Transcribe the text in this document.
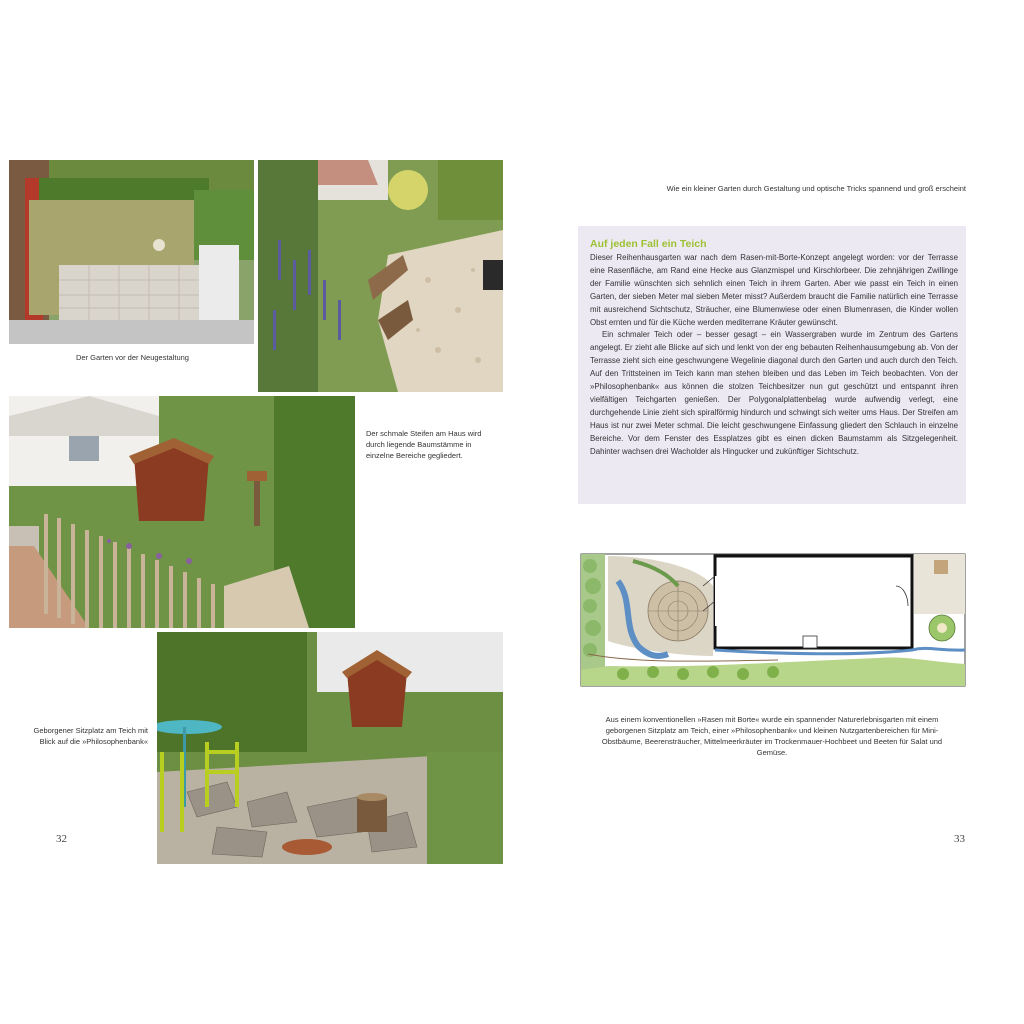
Der Garten vor der Neugestaltung
Der schmale Steifen am Haus wird durch liegende Baumstämme in einzelne Bereiche gegliedert.
Geborgener Sitzplatz am Teich mit Blick auf die »Philosophenbank«
32
Wie ein kleiner Garten durch Gestaltung und optische Tricks spannend und groß erscheint
Auf jeden Fall ein Teich

Dieser Reihenhausgarten war nach dem Rasen-mit-Borte-Konzept angelegt worden: vor der Terrasse eine Rasenfläche, am Rand eine Hecke aus Glanzmispel und Kirschlorbeer. Die zehnjährigen Zwillinge der Familie wünschten sich sehnlich einen Teich in ihrem Garten. Aber wie passt ein Teich in einen Garten, der sieben Meter mal sieben Meter misst? Außerdem braucht die Familie natürlich eine Terrasse mit ausreichend Sichtschutz, Sträucher, eine Blumenwiese oder einen Blumenrasen, die Kinder wollen Obst ernten und für die Küche werden mediterrane Kräuter gewünscht.

Ein schmaler Teich oder – besser gesagt – ein Wassergraben wurde im Zentrum des Gartens angelegt. Er zieht alle Blicke auf sich und lenkt von der eng bebauten Reihenhausumgebung ab. Von der Terrasse zieht sich eine geschwungene Wegelinie diagonal durch den Garten und auch durch den Teich. Auf den Trittsteinen im Teich kann man stehen bleiben und das Leben im Teich beobachten. Von der »Philosophenbank« aus können die stolzen Teichbesitzer nun gut geschützt und entspannt ihren vielfältigen Teichgarten genießen. Der Polygonalplattenbelag wurde aufwendig verlegt, eine durchgehende Linie zieht sich spiralförmig hindurch und schwingt sich weiter ums Haus. Der Streifen am Haus ist nur zwei Meter schmal. Die leicht geschwungene Einfassung gliedert den Schlauch in einzelne Bereiche. Vor dem Fenster des Essplatzes gibt es einen dicken Baumstamm als Sitzgelegenheit. Dahinter wachsen drei Wacholder als Hingucker und zukünftiger Sichtschutz.

Aus einem konventionellen »Rasen mit Borte« wurde ein spannender Naturerlebnisgarten mit einem geborgenen Sitzplatz am Teich, einer »Philosophenbank« und kleinen Nutzgartenbereichen für Mini-Obstbäume, Beerensträucher, Mittelmeerkräuter im Trockenmauer-Hochbeet und Beeten für Salat und Gemüse.
33
